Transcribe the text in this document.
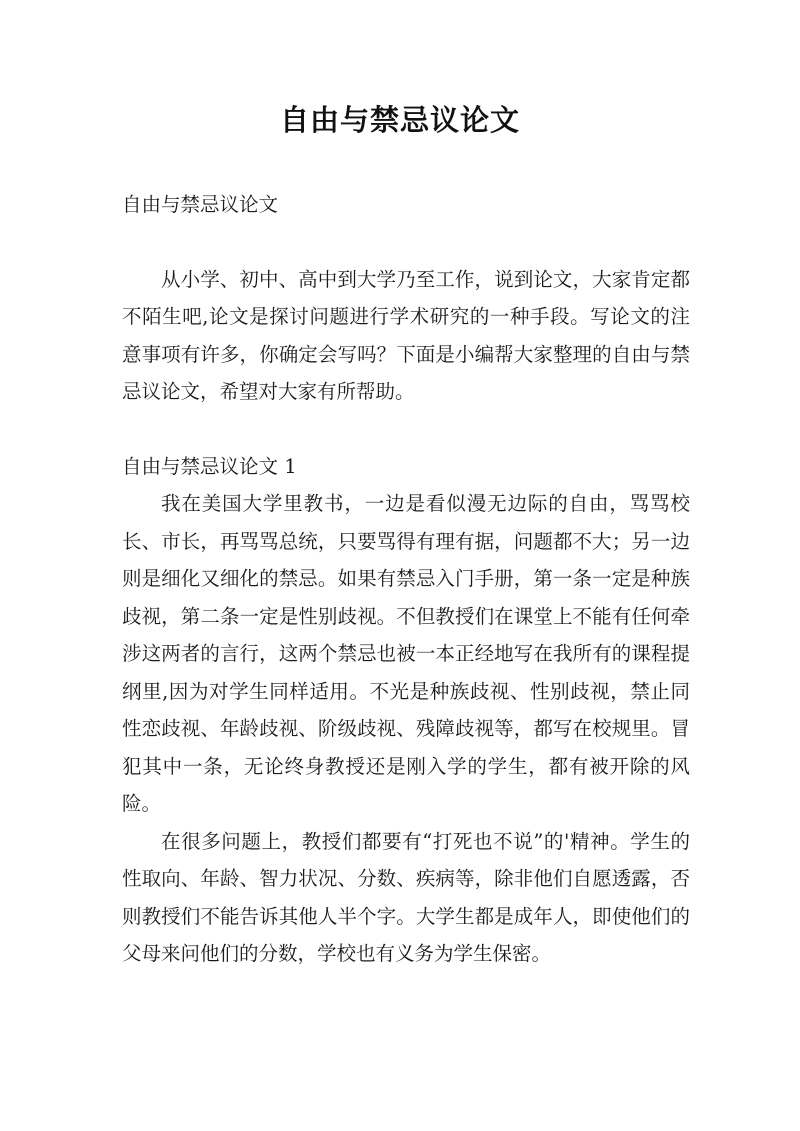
自由与禁忌议论文

自由与禁忌议论文

从小学、初中、高中到大学乃至工作，说到论文，大家肯定都不陌生吧,论文是探讨问题进行学术研究的一种手段。写论文的注意事项有许多，你确定会写吗？下面是小编帮大家整理的自由与禁忌议论文，希望对大家有所帮助。

自由与禁忌议论文 1

我在美国大学里教书，一边是看似漫无边际的自由，骂骂校长、市长，再骂骂总统，只要骂得有理有据，问题都不大；另一边则是细化又细化的禁忌。如果有禁忌入门手册，第一条一定是种族歧视，第二条一定是性别歧视。不但教授们在课堂上不能有任何牵涉这两者的言行，这两个禁忌也被一本正经地写在我所有的课程提纲里,因为对学生同样适用。不光是种族歧视、性别歧视，禁止同性恋歧视、年龄歧视、阶级歧视、残障歧视等，都写在校规里。冒犯其中一条，无论终身教授还是刚入学的学生，都有被开除的风险。

在很多问题上，教授们都要有“打死也不说”的'精神。学生的性取向、年龄、智力状况、分数、疾病等，除非他们自愿透露，否则教授们不能告诉其他人半个字。大学生都是成年人，即使他们的父母来问他们的分数，学校也有义务为学生保密。
